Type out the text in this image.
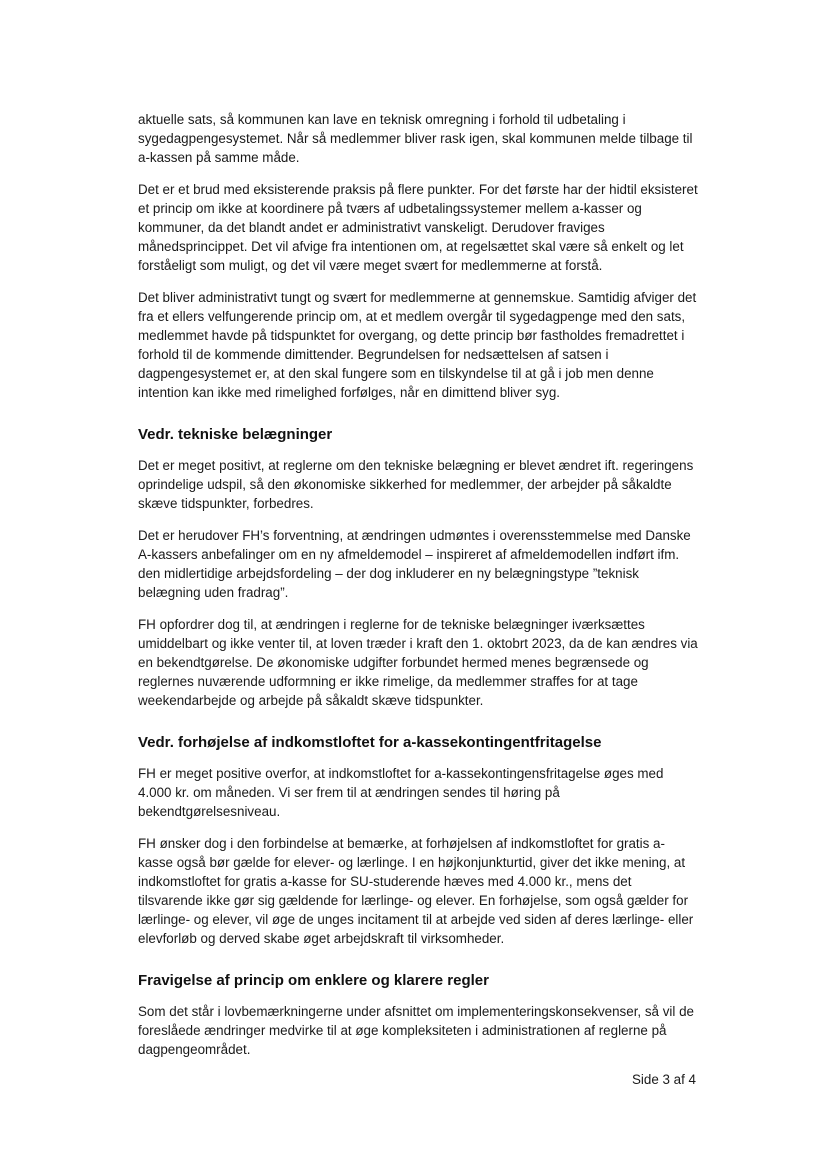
aktuelle sats, så kommunen kan lave en teknisk omregning i forhold til udbetaling i sygedagpengesystemet. Når så medlemmer bliver rask igen, skal kommunen melde tilbage til a-kassen på samme måde.

Det er et brud med eksisterende praksis på flere punkter. For det første har der hidtil eksisteret et princip om ikke at koordinere på tværs af udbetalingssystemer mellem a-kasser og kommuner, da det blandt andet er administrativt vanskeligt. Derudover fraviges månedsprincippet. Det vil afvige fra intentionen om, at regelsættet skal være så enkelt og let forståeligt som muligt, og det vil være meget svært for medlemmerne at forstå.

Det bliver administrativt tungt og svært for medlemmerne at gennemskue. Samtidig afviger det fra et ellers velfungerende princip om, at et medlem overgår til sygedagpenge med den sats, medlemmet havde på tidspunktet for overgang, og dette princip bør fastholdes fremadrettet i forhold til de kommende dimittender. Begrundelsen for nedsættelsen af satsen i dagpengesystemet er, at den skal fungere som en tilskyndelse til at gå i job men denne intention kan ikke med rimelighed forfølges, når en dimittend bliver syg.

Vedr. tekniske belægninger

Det er meget positivt, at reglerne om den tekniske belægning er blevet ændret ift. regeringens oprindelige udspil, så den økonomiske sikkerhed for medlemmer, der arbejder på såkaldte skæve tidspunkter, forbedres.

Det er herudover FH’s forventning, at ændringen udmøntes i overensstemmelse med Danske A-kassers anbefalinger om en ny afmeldemodel – inspireret af afmeldemodellen indført ifm. den midlertidige arbejdsfordeling – der dog inkluderer en ny belægningstype ”teknisk belægning uden fradrag”.

FH opfordrer dog til, at ændringen i reglerne for de tekniske belægninger iværksættes umiddelbart og ikke venter til, at loven træder i kraft den 1. oktobrt 2023, da de kan ændres via en bekendtgørelse. De økonomiske udgifter forbundet hermed menes begrænsede og reglernes nuværende udformning er ikke rimelige, da medlemmer straffes for at tage weekendarbejde og arbejde på såkaldt skæve tidspunkter.

Vedr. forhøjelse af indkomstloftet for a-kassekontingentfritagelse

FH er meget positive overfor, at indkomstloftet for a-kassekontingensfritagelse øges med 4.000 kr. om måneden. Vi ser frem til at ændringen sendes til høring på bekendtgørelsesniveau.

FH ønsker dog i den forbindelse at bemærke, at forhøjelsen af indkomstloftet for gratis a-kasse også bør gælde for elever- og lærlinge. I en højkonjunkturtid, giver det ikke mening, at indkomstloftet for gratis a-kasse for SU-studerende hæves med 4.000 kr., mens det tilsvarende ikke gør sig gældende for lærlinge- og elever. En forhøjelse, som også gælder for lærlinge- og elever, vil øge de unges incitament til at arbejde ved siden af deres lærlinge- eller elevforløb og derved skabe øget arbejdskraft til virksomheder.

Fravigelse af princip om enklere og klarere regler

Som det står i lovbemærkningerne under afsnittet om implementeringskonsekvenser, så vil de foreslåede ændringer medvirke til at øge kompleksiteten i administrationen af reglerne på dagpengeområdet.

Side 3 af 4
